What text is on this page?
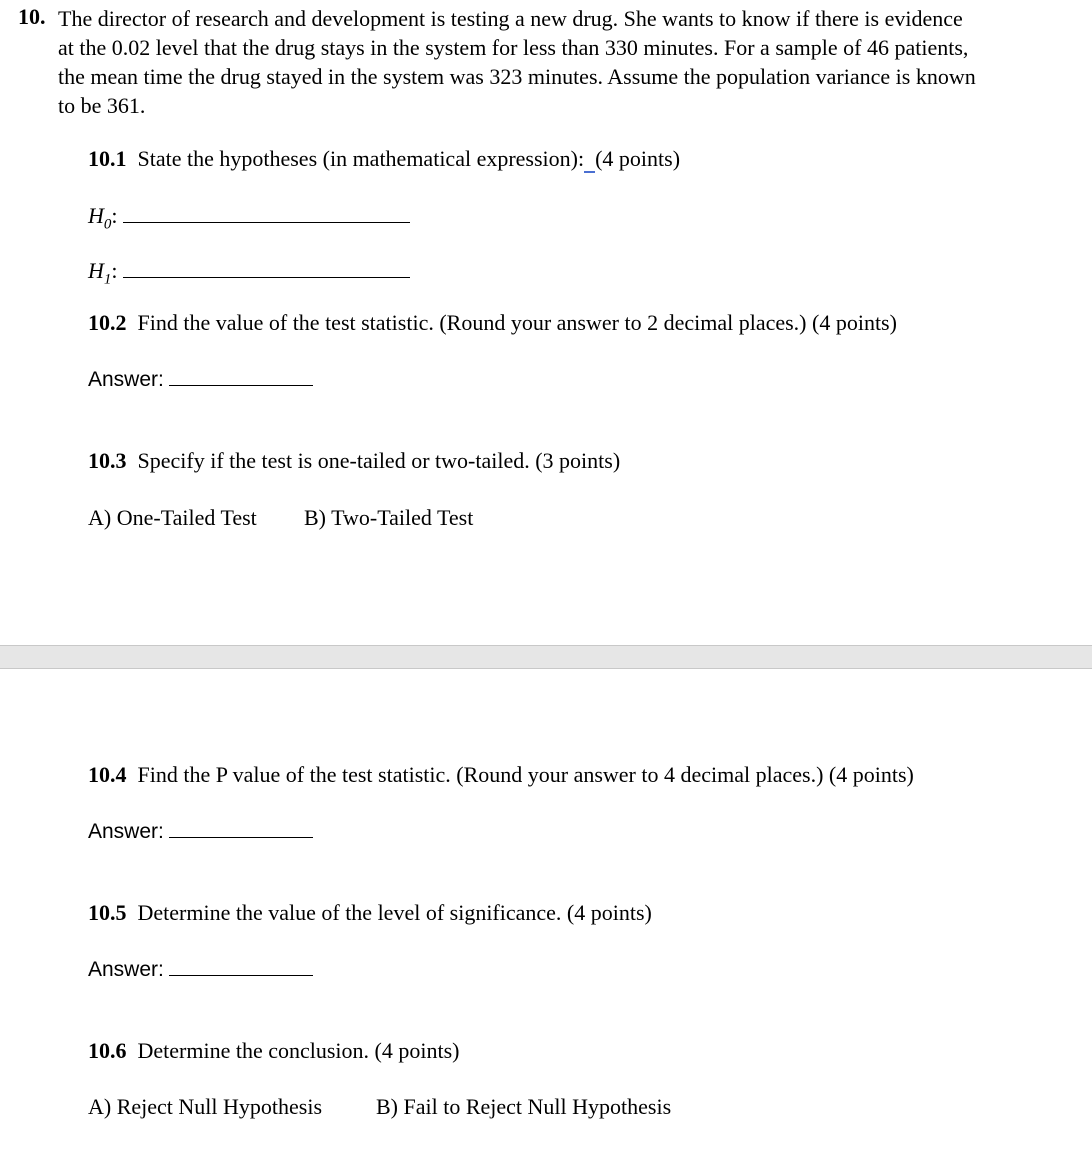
10. The director of research and development is testing a new drug. She wants to know if there is evidence
at the 0.02 level that the drug stays in the system for less than 330 minutes. For a sample of 46 patients,
the mean time the drug stayed in the system was 323 minutes. Assume the population variance is known
to be 361.
10.1 State the hypotheses (in mathematical expression): (4 points)
$H_0$:
$H_1$:
10.2 Find the value of the test statistic. (Round your answer to 2 decimal places.) (4 points)
Answer:
10.3 Specify if the test is one-tailed or two-tailed. (3 points)
A) One-Tailed Test B) Two-Tailed Test
10.4 Find the P value of the test statistic. (Round your answer to 4 decimal places.) (4 points)
Answer:
10.5 Determine the value of the level of significance. (4 points)
Answer:
10.6 Determine the conclusion. (4 points)
A) Reject Null Hypothesis B) Fail to Reject Null Hypothesis
